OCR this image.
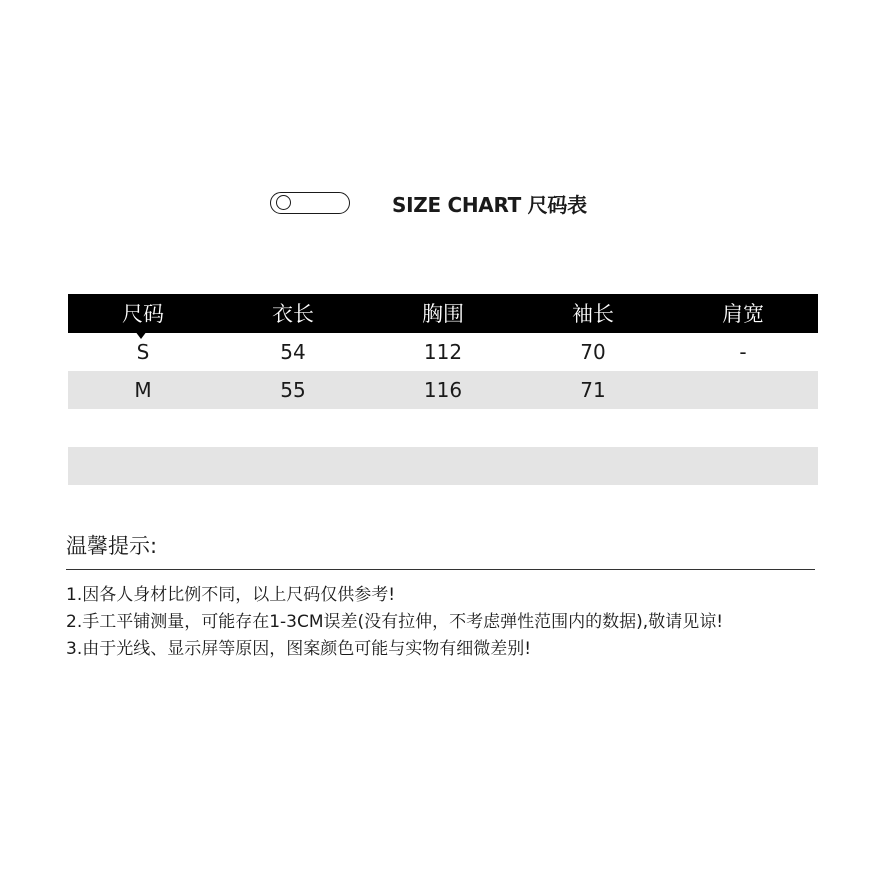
SIZE CHART 尺码表
尺码	衣长	胸围	袖长	肩宽
S	54	112	70	-
M	55	116	71
温馨提示:
1.因各人身材比例不同，以上尺码仅供参考!
2.手工平铺测量，可能存在1-3CM误差(没有拉伸，不考虑弹性范围内的数据),敬请见谅!
3.由于光线、显示屏等原因，图案颜色可能与实物有细微差别!
